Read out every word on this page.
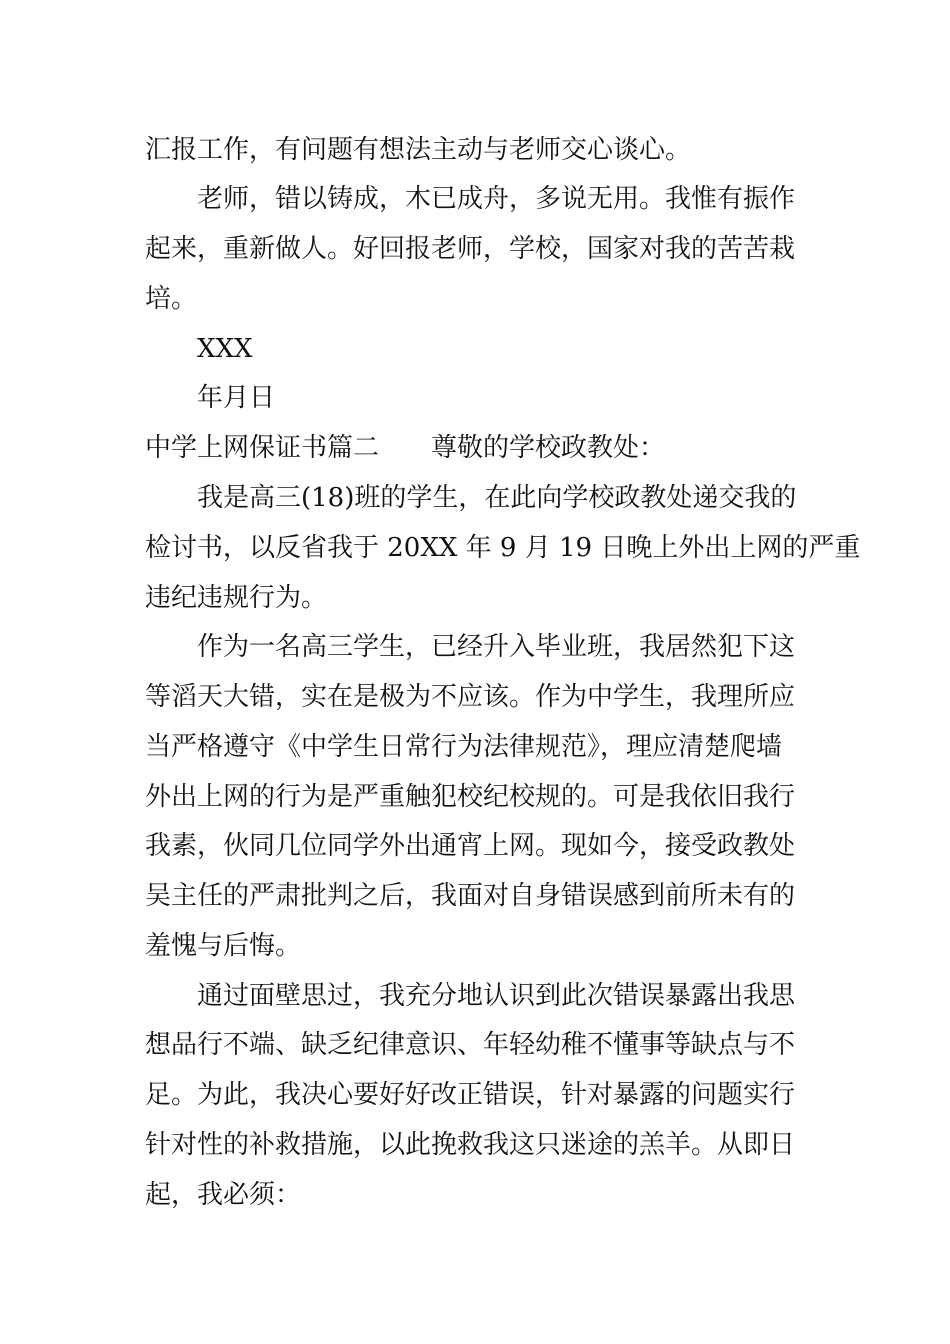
汇报工作，有问题有想法主动与老师交心谈心。

老师，错以铸成，木已成舟，多说无用。我惟有振作

起来，重新做人。好回报老师，学校，国家对我的苦苦栽

培。

XXX

年月日

中学上网保证书篇二 尊敬的学校政教处：

我是高三(18)班的学生，在此向学校政教处递交我的

检讨书，以反省我于 20XX 年 9 月 19 日晚上外出上网的严重

违纪违规行为。

作为一名高三学生，已经升入毕业班，我居然犯下这

等滔天大错，实在是极为不应该。作为中学生，我理所应

当严格遵守《中学生日常行为法律规范》，理应清楚爬墙

外出上网的行为是严重触犯校纪校规的。可是我依旧我行

我素，伙同几位同学外出通宵上网。现如今，接受政教处

吴主任的严肃批判之后，我面对自身错误感到前所未有的

羞愧与后悔。

通过面壁思过，我充分地认识到此次错误暴露出我思

想品行不端、缺乏纪律意识、年轻幼稚不懂事等缺点与不

足。为此，我决心要好好改正错误，针对暴露的问题实行

针对性的补救措施，以此挽救我这只迷途的羔羊。从即日

起，我必须：
